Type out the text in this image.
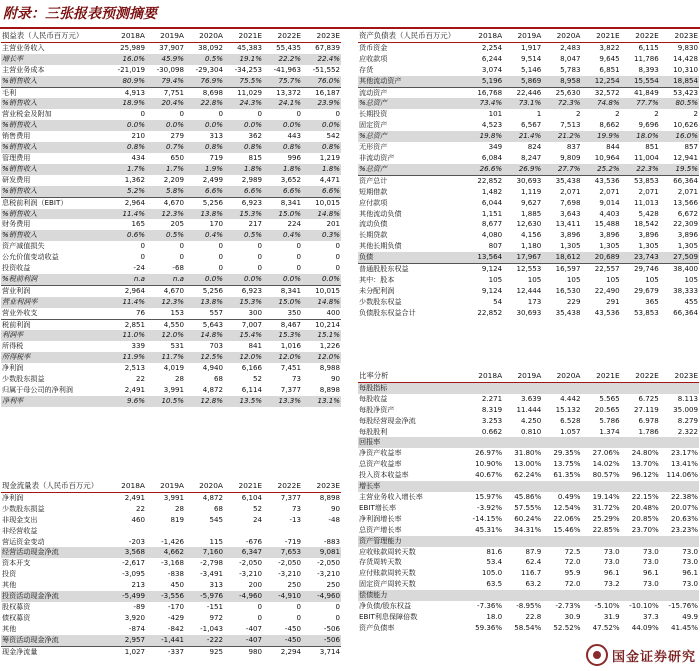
附录：三张报表预测摘要
损益表（人民币百万元）	2018A	2019A	2020A	2021E	2022E	2023E
主营业务收入	25,989	37,907	38,092	45,383	55,435	67,839
增长率	16.0%	45.9%	0.5%	19.1%	22.2%	22.4%
主营业务成本	-21,019	-30,098	-29,304	-34,253	-41,963	-51,552
%销售收入	80.9%	79.4%	76.9%	75.5%	75.7%	76.0%
毛利	4,913	7,751	8,698	11,029	13,372	16,187
%销售收入	18.9%	20.4%	22.8%	24.3%	24.1%	23.9%
营业税金及附加	0	0	0	0	0	0
%销售收入	0.0%	0.0%	0.0%	0.0%	0.0%	0.0%
销售费用	210	279	313	362	443	542
%销售收入	0.8%	0.7%	0.8%	0.8%	0.8%	0.8%
管理费用	434	650	719	815	996	1,219
%销售收入	1.7%	1.7%	1.9%	1.8%	1.8%	1.8%
研发费用	1,362	2,209	2,499	2,989	3,652	4,471
%销售收入	5.2%	5.8%	6.6%	6.6%	6.6%	6.6%
息税前利润（EBIT）	2,964	4,670	5,256	6,923	8,341	10,015
%销售收入	11.4%	12.3%	13.8%	15.3%	15.0%	14.8%
财务费用	165	205	170	217	224	201
%销售收入	0.6%	0.5%	0.4%	0.5%	0.4%	0.3%
资产减值损失	0	0	0	0	0	0
公允价值变动收益	0	0	0	0	0	0
投资收益	-24	-68	0	0	0	0
%税前利润	n.a	n.a	0.0%	0.0%	0.0%	0.0%
营业利润	2,964	4,670	5,256	6,923	8,341	10,015
营业利润率	11.4%	12.3%	13.8%	15.3%	15.0%	14.8%
营业外收支	76	153	557	300	350	400
税前利润	2,851	4,550	5,643	7,007	8,467	10,214
利润率	11.0%	12.0%	14.8%	15.4%	15.3%	15.1%
所得税	339	531	703	841	1,016	1,226
所得税率	11.9%	11.7%	12.5%	12.0%	12.0%	12.0%
净利润	2,513	4,019	4,940	6,166	7,451	8,988
少数股东损益	22	28	68	52	73	90
归属于母公司的净利润	2,491	3,991	4,872	6,114	7,377	8,898
净利率	9.6%	10.5%	12.8%	13.5%	13.3%	13.1%
现金流量表（人民币百万元）	2018A	2019A	2020A	2021E	2022E	2023E
净利润	2,491	3,991	4,872	6,104	7,377	8,898
少数股东损益	22	28	68	52	73	90
非现金支出	460	819	545	24	-13	-48
非经营收益						
营运资金变动	-203	-1,426	115	-676	-719	-883
经营活动现金净流	3,568	4,662	7,160	6,347	7,653	9,081
资本开支	-2,617	-3,168	-2,798	-2,050	-2,050	-2,050
投资	-3,095	-838	-3,491	-3,210	-3,210	-3,210
其他	213	450	313	200	250	250
投资活动现金净流	-5,499	-3,556	-5,976	-4,960	-4,910	-4,960
股权募资	-89	-170	-151	0	0	0
债权募资	3,920	-429	972	0	0	0
其他	-874	-842	-1,043	-407	-450	-506
筹资活动现金净流	2,957	-1,441	-222	-407	-450	-506
现金净流量	1,027	-337	925	980	2,294	3,714
资产负债表（人民币百万元）	2018A	2019A	2020A	2021E	2022E	2023E
货币资金	2,254	1,917	2,483	3,822	6,115	9,830
应收款项	6,244	9,514	8,047	9,645	11,786	14,428
存货	3,074	5,146	5,783	6,851	8,393	10,310
其他流动资产	5,196	5,869	8,958	12,254	15,554	18,854
流动资产	16,768	22,446	25,630	32,572	41,849	53,423
%总资产	73.4%	73.1%	72.3%	74.8%	77.7%	80.5%
长期投资	101	1	2	2	2	2
固定资产	4,523	6,567	7,513	8,662	9,696	10,626
%总资产	19.8%	21.4%	21.2%	19.9%	18.0%	16.0%
无形资产	349	824	837	844	851	857
非流动资产	6,084	8,247	9,809	10,964	11,004	12,941
%总资产	26.6%	26.9%	27.7%	25.2%	22.3%	19.5%
资产总计	22,852	30,693	35,438	43,536	53,853	66,364
短期借款	1,482	1,119	2,071	2,071	2,071	2,071
应付款项	6,044	9,627	7,698	9,014	11,013	13,566
其他流动负债	1,151	1,885	3,643	4,403	5,428	6,672
流动负债	8,677	12,630	13,411	15,488	18,542	22,309
长期贷款	4,080	4,156	3,896	3,896	3,896	3,896
其他长期负债	807	1,180	1,305	1,305	1,305	1,305
负债	13,564	17,967	18,612	20,689	23,743	27,509
普通股股东权益	9,124	12,553	16,597	22,557	29,746	38,400
其中：股本	105	105	105	105	105	105
未分配利润	9,124	12,444	16,530	22,490	29,679	38,333
少数股东权益	54	173	229	291	365	455
负债股东权益合计	22,852	30,693	35,438	43,536	53,853	66,364
比率分析	2018A	2019A	2020A	2021E	2022E	2023E
每股指标						
每股收益	2.271	3.639	4.442	5.565	6.725	8.113
每股净资产	8.319	11.444	15.132	20.565	27.119	35.009
每股经营现金净流	3.253	4.250	6.528	5.786	6.978	8.279
每股股利	0.662	0.810	1.057	1.374	1.786	2.322
回报率						
净资产收益率	26.97%	31.80%	29.35%	27.06%	24.80%	23.17%
总资产收益率	10.90%	13.00%	13.75%	14.02%	13.70%	13.41%
投入资本收益率	40.67%	62.24%	61.35%	80.57%	96.12%	114.06%
增长率						
主营业务收入增长率	15.97%	45.86%	0.49%	19.14%	22.15%	22.38%
EBIT增长率	-3.92%	57.55%	12.54%	31.72%	20.48%	20.07%
净利润增长率	-14.15%	60.24%	22.06%	25.29%	20.85%	20.63%
总资产增长率	45.31%	34.31%	15.46%	22.85%	23.70%	23.23%
资产管理能力						
应收账款周转天数	81.6	87.9	72.5	73.0	73.0	73.0
存货周转天数	53.4	62.4	72.0	73.0	73.0	73.0
应付账款周转天数	105.0	116.7	95.9	96.1	96.1	96.1
固定资产周转天数	63.5	63.2	72.0	73.2	73.0	73.0
偿债能力						
净负债/股东权益	-7.36%	-8.95%	-2.73%	-5.10%	-10.10%	-15.76%
EBIT利息保障倍数	18.0	22.8	30.9	31.9	37.3	49.9
资产负债率	59.36%	58.54%	52.52%	47.52%	44.09%	41.45%
国金证券研究
